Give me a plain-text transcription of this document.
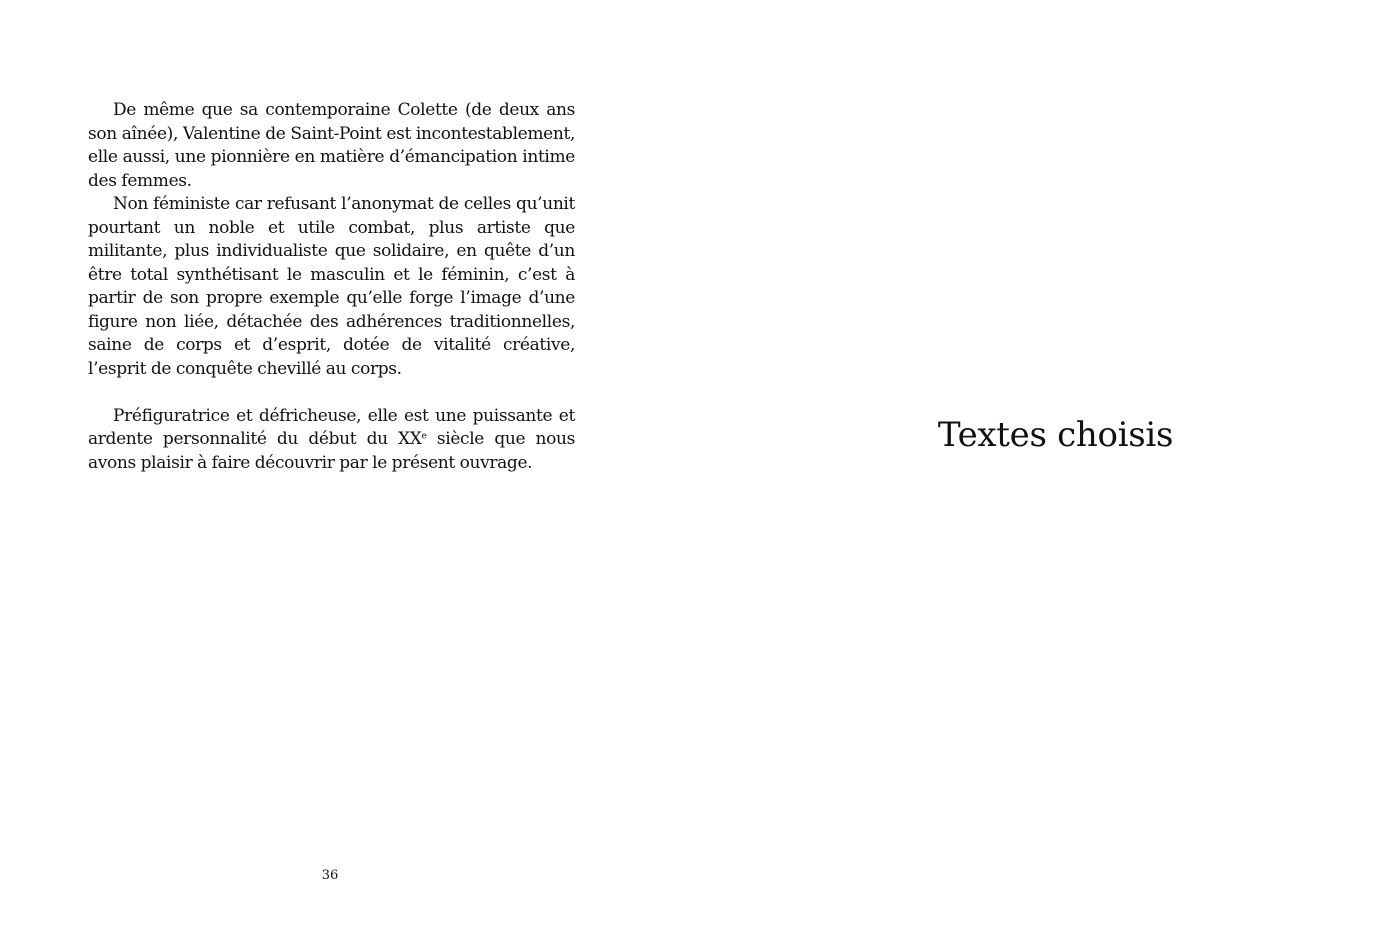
De même que sa contemporaine Colette (de deux ans son aînée), Valentine de Saint-Point est incontestablement, elle aussi, une pionnière en matière d’émancipation intime des femmes.

Non féministe car refusant l’anonymat de celles qu’unit pourtant un noble et utile combat, plus artiste que militante, plus individualiste que solidaire, en quête d’un être total synthétisant le masculin et le féminin, c’est à partir de son propre exemple qu’elle forge l’image d’une figure non liée, détachée des adhérences traditionnelles, saine de corps et d’esprit, dotée de vitalité créative, l’esprit de conquête chevillé au corps.

Préfiguratrice et défricheuse, elle est une puissante et ardente personnalité du début du XXe siècle que nous avons plaisir à faire découvrir par le présent ouvrage.

36
Textes choisis
